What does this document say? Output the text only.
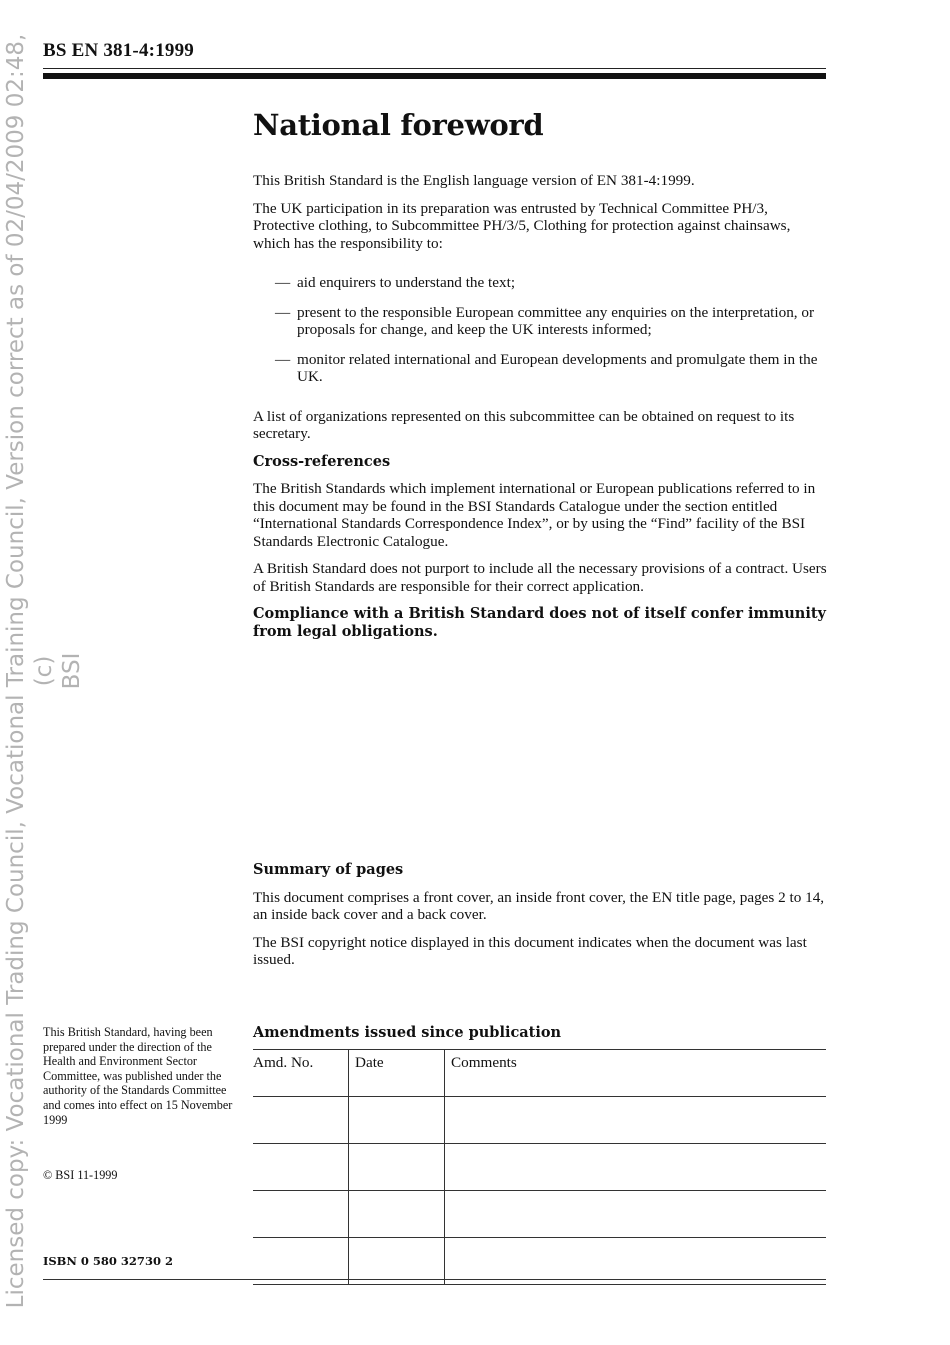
BS EN 381-4:1999
Licensed copy: Vocational Trading Council, Vocational Training Council, Version correct as of 02/04/2009 02:48, (c) BSI
National foreword

This British Standard is the English language version of EN 381-4:1999.

The UK participation in its preparation was entrusted by Technical Committee PH/3, Protective clothing, to Subcommittee PH/3/5, Clothing for protection against chainsaws, which has the responsibility to:

— aid enquirers to understand the text;
— present to the responsible European committee any enquiries on the interpretation, or proposals for change, and keep the UK interests informed;
— monitor related international and European developments and promulgate them in the UK.

A list of organizations represented on this subcommittee can be obtained on request to its secretary.

Cross-references

The British Standards which implement international or European publications referred to in this document may be found in the BSI Standards Catalogue under the section entitled “International Standards Correspondence Index”, or by using the “Find” facility of the BSI Standards Electronic Catalogue.

A British Standard does not purport to include all the necessary provisions of a contract. Users of British Standards are responsible for their correct application.

Compliance with a British Standard does not of itself confer immunity from legal obligations.

Summary of pages

This document comprises a front cover, an inside front cover, the EN title page, pages 2 to 14, an inside back cover and a back cover.

The BSI copyright notice displayed in this document indicates when the document was last issued.

This British Standard, having been prepared under the direction of the Health and Environment Sector Committee, was published under the authority of the Standards Committee and comes into effect on 15 November 1999
© BSI 11-1999
ISBN 0 580 32730 2
Amendments issued since publication
Amd. No.	Date	Comments
